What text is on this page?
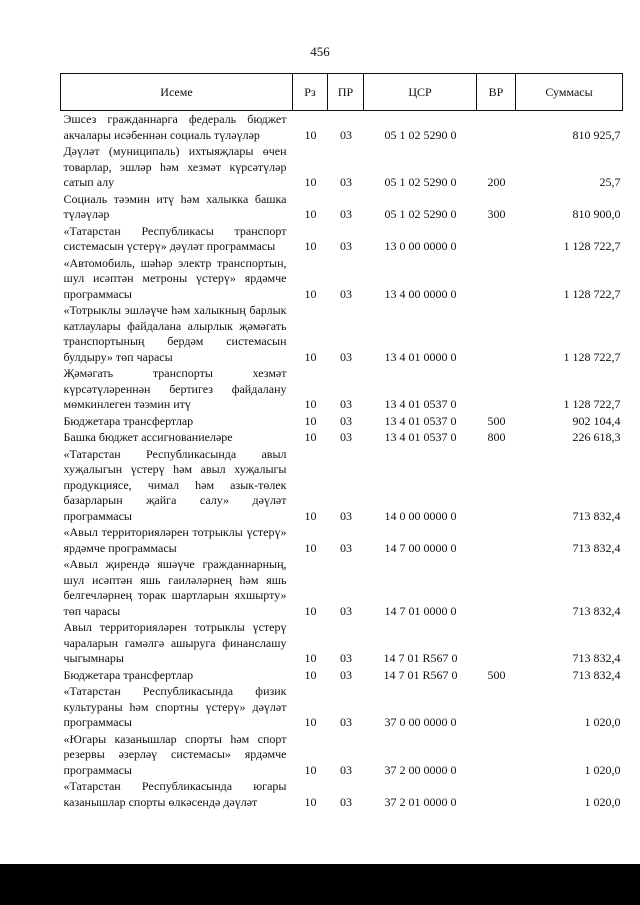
456
Исеме	Рз	ПР	ЦСР	ВР	Суммасы
Эшсез гражданнарга федераль бюджет акчалары исәбеннән социаль түләүләр	10	03	05 1 02 5290 0		810 925,7
Дәүләт (муниципаль) ихтыяҗлары өчен товарлар, эшләр һәм хезмәт күрсәтүләр сатып алу	10	03	05 1 02 5290 0	200	25,7
Социаль тәэмин итү һәм халыкка башка түләүләр	10	03	05 1 02 5290 0	300	810 900,0
«Татарстан Республикасы транспорт системасын үстерү» дәүләт программасы	10	03	13 0 00 0000 0		1 128 722,7
«Автомобиль, шәһәр электр транспортын, шул исәптән метроны үстерү» ярдәмче программасы	10	03	13 4 00 0000 0		1 128 722,7
«Тотрыклы эшләүче һәм халыкның барлык катлаулары файдалана алырлык җәмәгать транспортының бердәм системасын булдыру» төп чарасы	10	03	13 4 01 0000 0		1 128 722,7
Җәмәгать транспорты хезмәт күрсәтүләреннән бертигез файдалану мөмкинлеген тәэмин итү	10	03	13 4 01 0537 0		1 128 722,7
Бюджетара трансфертлар	10	03	13 4 01 0537 0	500	902 104,4
Башка бюджет ассигнованиеләре	10	03	13 4 01 0537 0	800	226 618,3
«Татарстан Республикасында авыл хуҗалыгын үстерү һәм авыл хуҗалыгы продукциясе, чимал һәм азык-төлек базарларын җайга салу» дәүләт программасы	10	03	14 0 00 0000 0		713 832,4
«Авыл территорияләрен тотрыклы үстерү» ярдәмче программасы	10	03	14 7 00 0000 0		713 832,4
«Авыл җирендә яшәүче гражданнарның, шул исәптән яшь гаиләләрнең һәм яшь белгечләрнең торак шартларын яхшырту» төп чарасы	10	03	14 7 01 0000 0		713 832,4
Авыл территорияләрен тотрыклы үстерү чараларын гамәлгә ашыруга финанслашу чыгымнары	10	03	14 7 01 R567 0		713 832,4
Бюджетара трансфертлар	10	03	14 7 01 R567 0	500	713 832,4
«Татарстан Республикасында физик культураны һәм спортны үстерү» дәүләт программасы	10	03	37 0 00 0000 0		1 020,0
«Югары казанышлар спорты һәм спорт резервы әзерләү системасы» ярдәмче программасы	10	03	37 2 00 0000 0		1 020,0
«Татарстан Республикасында югары казанышлар спорты өлкәсендә дәүләт	10	03	37 2 01 0000 0		1 020,0
